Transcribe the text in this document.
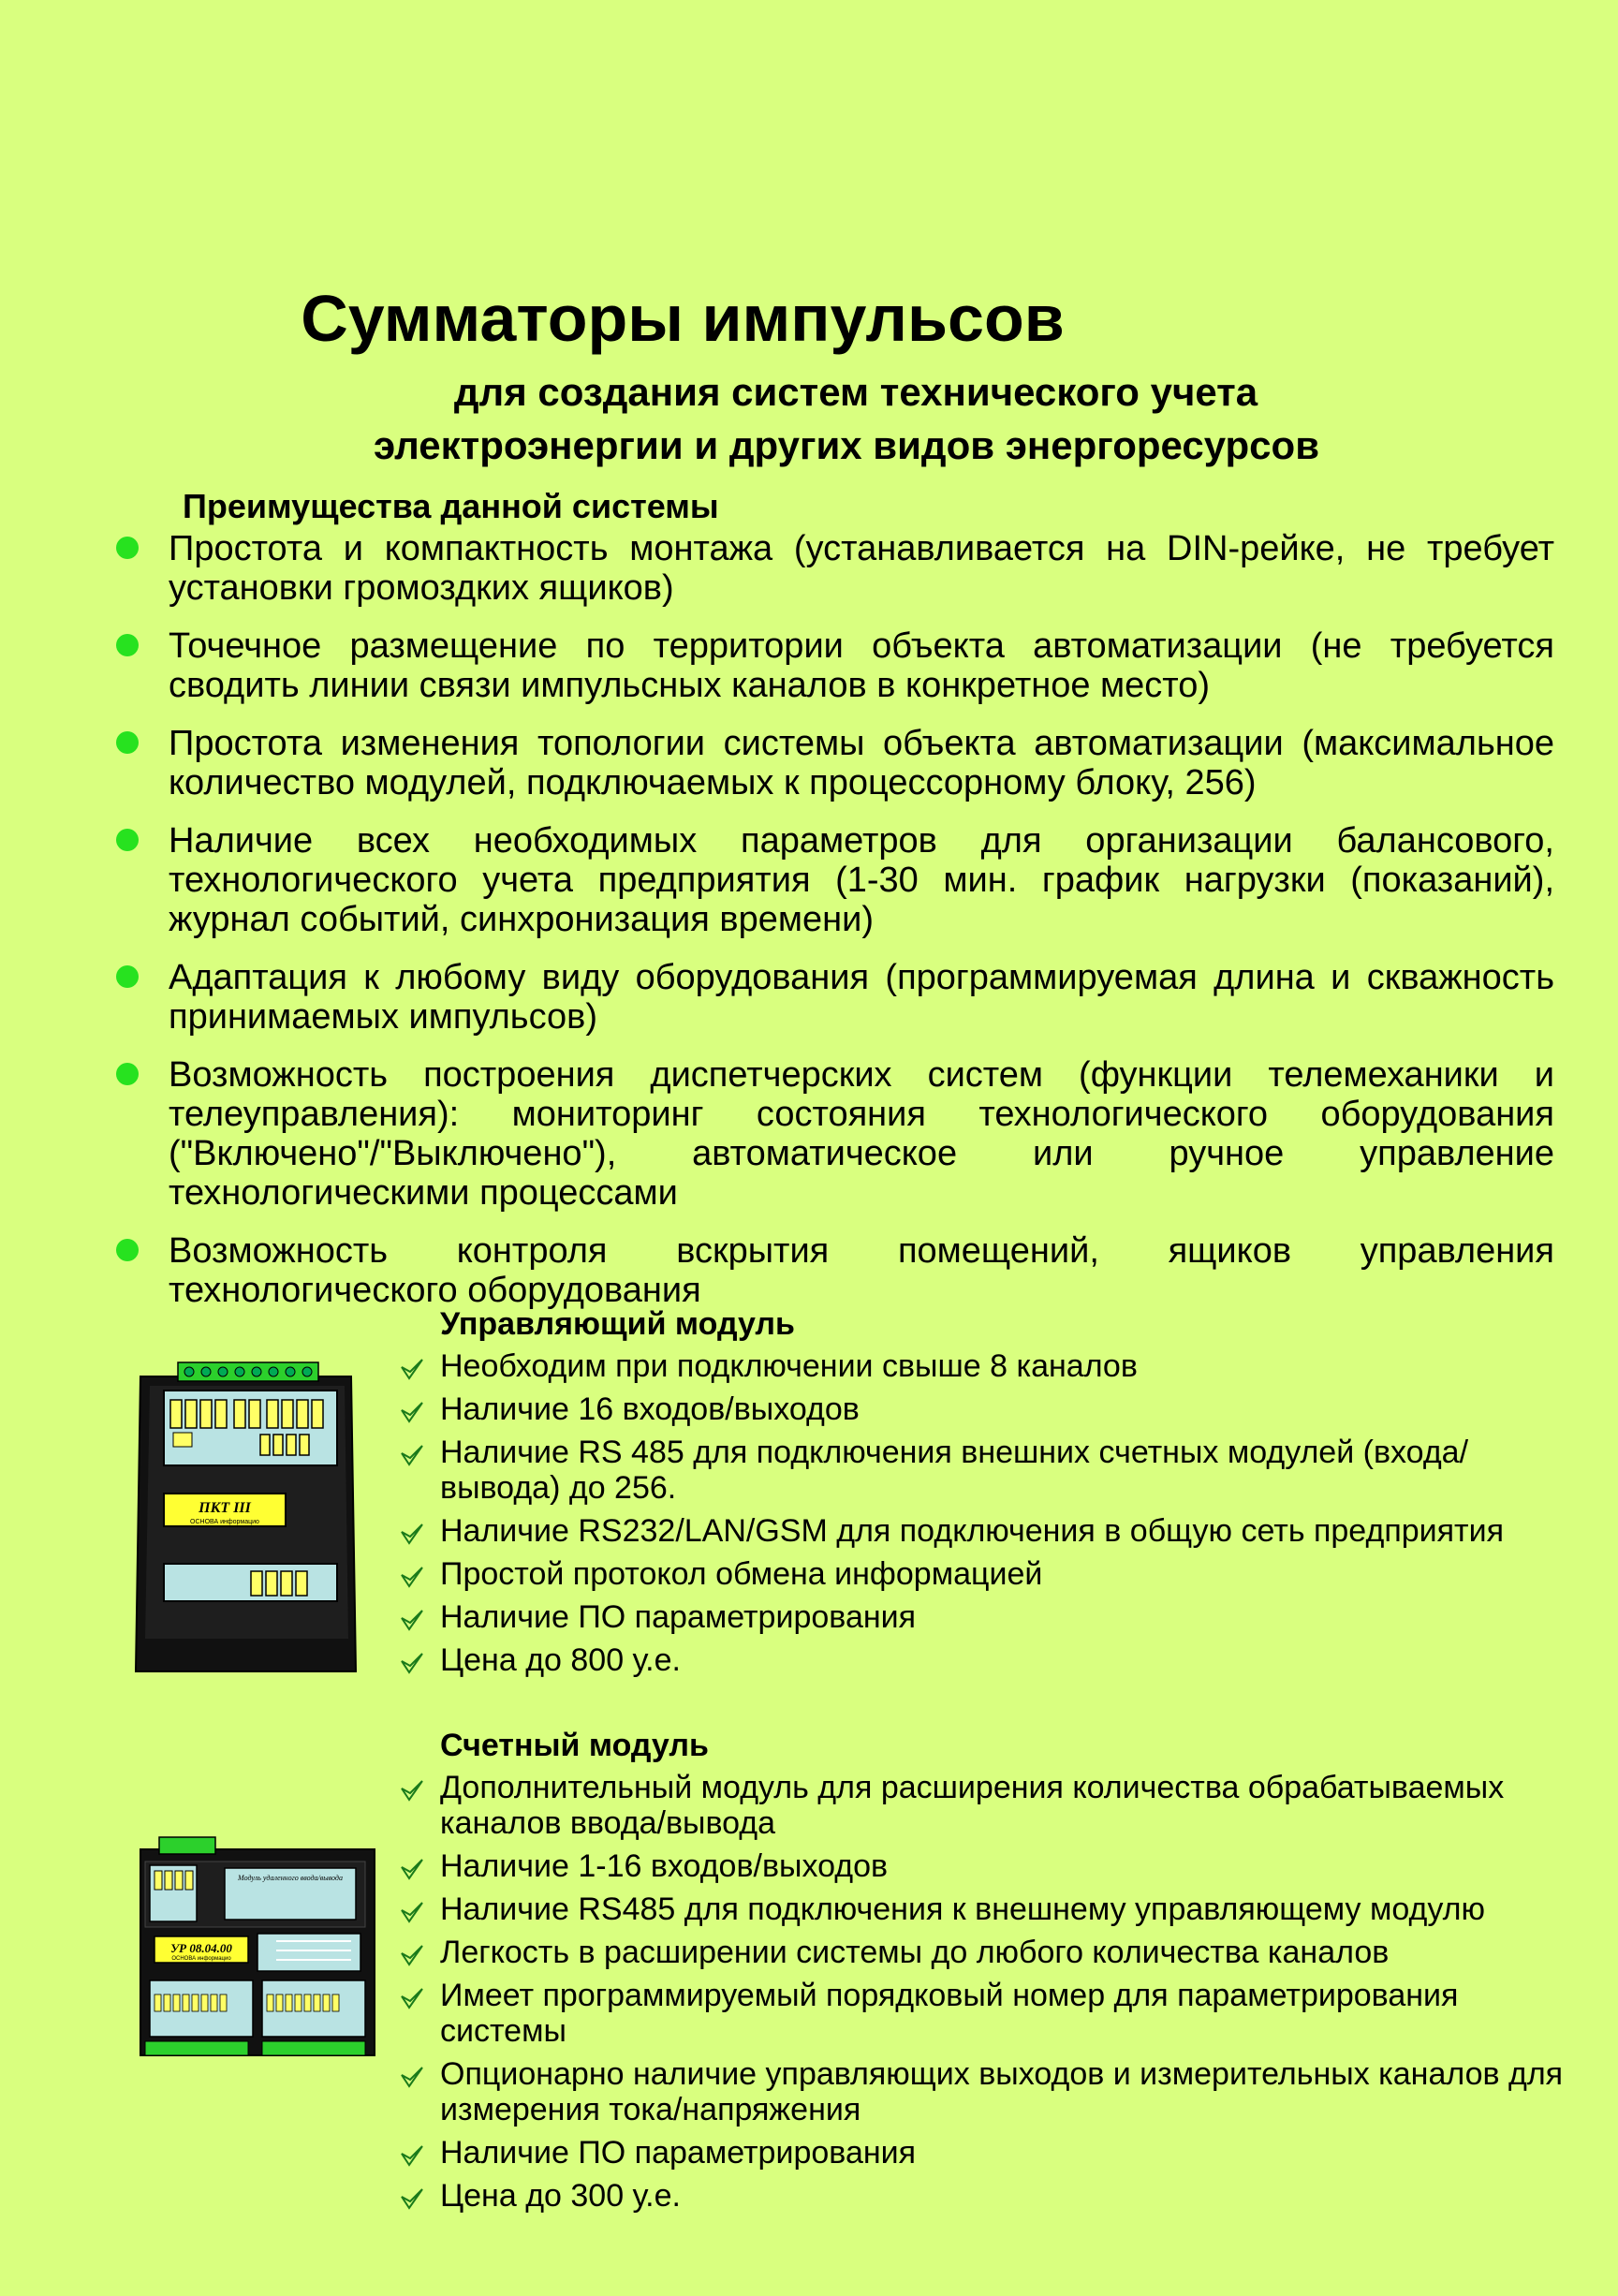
Сумматоры импульсов
для создания систем технического учета
электроэнергии и других видов энергоресурсов
Преимущества данной системы
Простота и компактность монтажа (устанавливается на DIN-рейке, не требует установки громоздких ящиков)
Точечное размещение по территории объекта автоматизации (не требуется сводить линии связи импульсных каналов в конкретное место)
Простота изменения топологии системы объекта автоматизации (максимальное количество модулей, подключаемых к процессорному блоку, 256)
Наличие всех необходимых параметров для организации балансового, технологического учета предприятия (1-30 мин. график нагрузки (показаний), журнал событий, синхронизация времени)
Адаптация к любому виду оборудования (программируемая длина и скважность принимаемых импульсов)
Возможность построения диспетчерских систем (функции телемеханики и телеуправления): мониторинг состояния технологического оборудования ("Включено"/"Выключено"), автоматическое или ручное управление технологическими процессами
Возможность контроля вскрытия помещений, ящиков управления технологического оборудования
ПКТ III
ОСНОВА информацио
Управляющий модуль
Необходим при подключении свыше 8 каналов
Наличие 16 входов/выходов
Наличие RS 485 для подключения внешних счетных модулей (входа/вывода) до 256.
Наличие RS232/LAN/GSM для подключения в общую сеть предприятия
Простой протокол обмена информацией
Наличие ПО параметрирования
Цена до 800 у.е.
Модуль удаленного ввода/вывода
УР 08.04.00
ОСНОВА информацио
Счетный модуль
Дополнительный модуль для расширения количества обрабатываемых каналов ввода/вывода
Наличие 1-16 входов/выходов
Наличие RS485 для подключения к внешнему управляющему модулю
Легкость в расширении системы до любого количества каналов
Имеет программируемый порядковый номер для параметрирования системы
Опционарно наличие управляющих выходов и измерительных каналов для измерения тока/напряжения
Наличие ПО параметрирования
Цена до 300 у.е.
